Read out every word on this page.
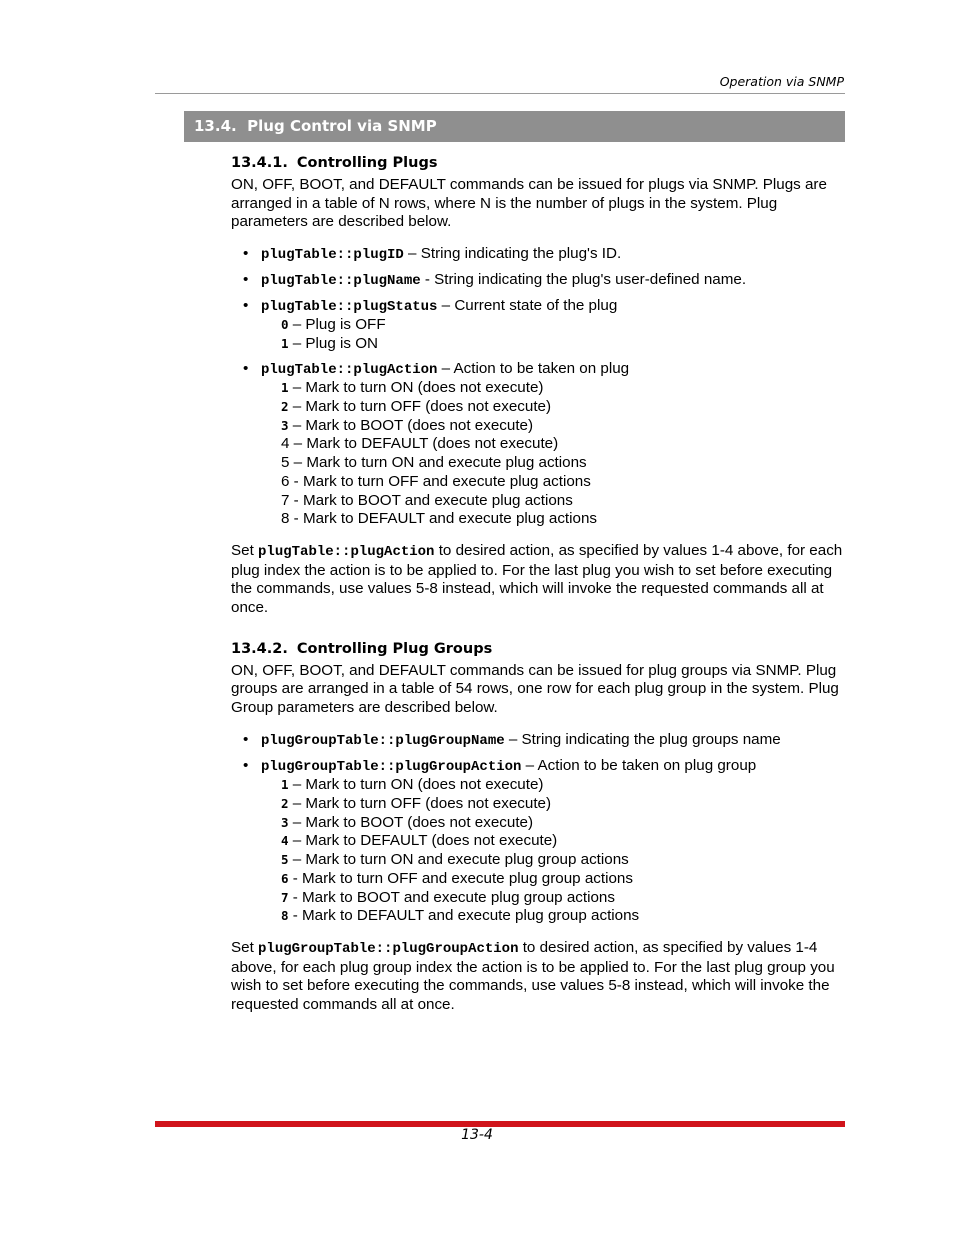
Operation via SNMP
13.4. Plug Control via SNMP
13.4.1. Controlling Plugs
ON, OFF, BOOT, and DEFAULT commands can be issued for plugs via SNMP. Plugs are arranged in a table of N rows, where N is the number of plugs in the system. Plug parameters are described below.
• plugTable::plugID – String indicating the plug's ID.
• plugTable::plugName - String indicating the plug's user-defined name.
• plugTable::plugStatus – Current state of the plug
0 – Plug is OFF
1 – Plug is ON
• plugTable::plugAction – Action to be taken on plug
1 – Mark to turn ON (does not execute)
2 – Mark to turn OFF (does not execute)
3 – Mark to BOOT (does not execute)
4 – Mark to DEFAULT (does not execute)
5 – Mark to turn ON and execute plug actions
6 - Mark to turn OFF and execute plug actions
7 - Mark to BOOT and execute plug actions
8 - Mark to DEFAULT and execute plug actions
Set plugTable::plugAction to desired action, as specified by values 1-4 above, for each plug index the action is to be applied to. For the last plug you wish to set before executing the commands, use values 5-8 instead, which will invoke the requested commands all at once.
13.4.2. Controlling Plug Groups
ON, OFF, BOOT, and DEFAULT commands can be issued for plug groups via SNMP. Plug groups are arranged in a table of 54 rows, one row for each plug group in the system. Plug Group parameters are described below.
• plugGroupTable::plugGroupName – String indicating the plug groups name
• plugGroupTable::plugGroupAction – Action to be taken on plug group
1 – Mark to turn ON (does not execute)
2 – Mark to turn OFF (does not execute)
3 – Mark to BOOT (does not execute)
4 – Mark to DEFAULT (does not execute)
5 – Mark to turn ON and execute plug group actions
6 - Mark to turn OFF and execute plug group actions
7 - Mark to BOOT and execute plug group actions
8 - Mark to DEFAULT and execute plug group actions
Set plugGroupTable::plugGroupAction to desired action, as specified by values 1-4 above, for each plug group index the action is to be applied to. For the last plug group you wish to set before executing the commands, use values 5-8 instead, which will invoke the requested commands all at once.
13-4
